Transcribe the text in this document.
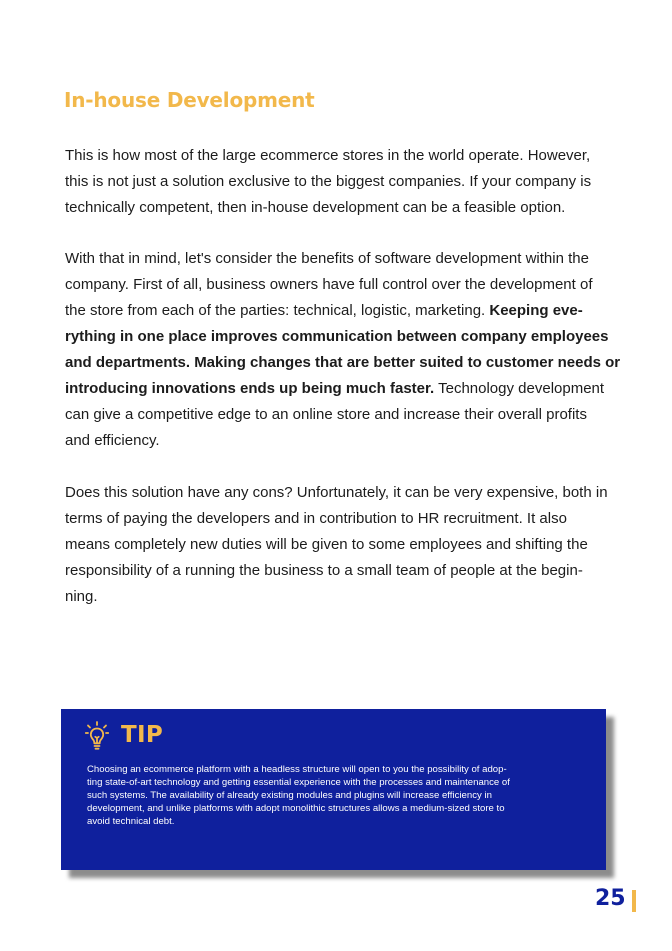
In-house Development

This is how most of the large ecommerce stores in the world operate. However,
this is not just a solution exclusive to the biggest companies. If your company is
technically competent, then in-house development can be a feasible option.

With that in mind, let's consider the benefits of software development within the
company. First of all, business owners have full control over the development of
the store from each of the parties: technical, logistic, marketing. Keeping eve-
rything in one place improves communication between company employees
and departments. Making changes that are better suited to customer needs or
introducing innovations ends up being much faster. Technology development
can give a competitive edge to an online store and increase their overall profits
and efficiency.

Does this solution have any cons? Unfortunately, it can be very expensive, both in
terms of paying the developers and in contribution to HR recruitment. It also
means completely new duties will be given to some employees and shifting the
responsibility of a running the business to a small team of people at the begin-
ning.

TIP

Choosing an ecommerce platform with a headless structure will open to you the possibility of adop-
ting state-of-art technology and getting essential experience with the processes and maintenance of
such systems. The availability of already existing modules and plugins will increase efficiency in
development, and unlike platforms with adopt monolithic structures allows a medium-sized store to
avoid technical debt.

25
